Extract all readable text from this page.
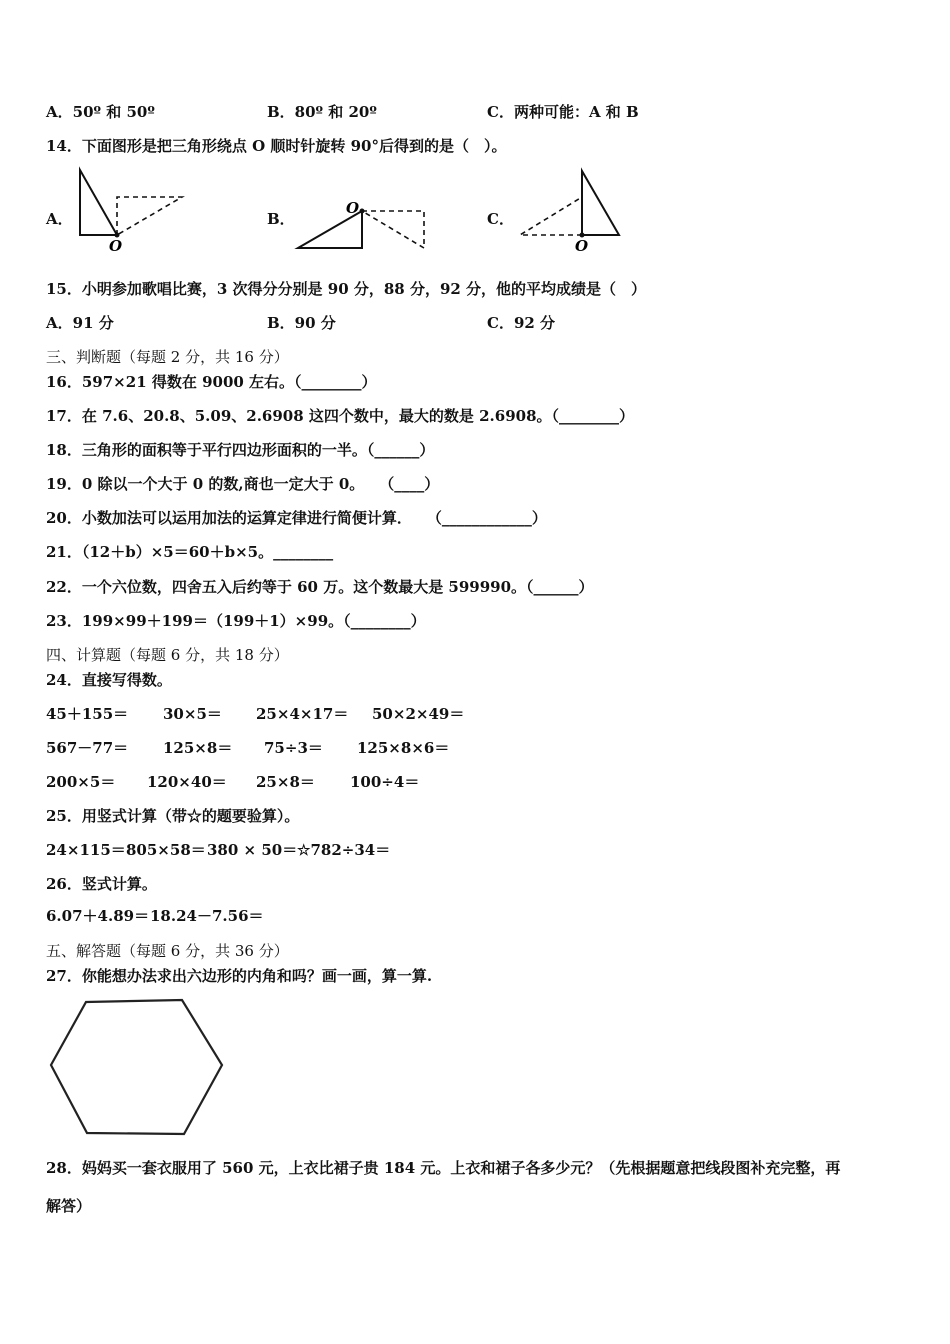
A．50º 和 50º	B．80º 和 20º	C．两种可能：A 和 B
14．下面图形是把三角形绕点 O 顺时针旋转 90°后得到的是（　）。
A．
O
B．
O
C．
O
15．小明参加歌唱比赛，3 次得分分别是 90 分，88 分，92 分，他的平均成绩是（　）
A．91 分	B．90 分	C．92 分
三、判断题（每题 2 分，共 16 分）
16．597×21 得数在 9000 左右。（________）
17．在 7.6、20.8、5.09、2.6908 这四个数中，最大的数是 2.6908。（________）
18．三角形的面积等于平行四边形面积的一半。（______）
19．0 除以一个大于 0 的数,商也一定大于 0。　　（____）
20．小数加法可以运用加法的运算定律进行简便计算．　　（____________）
21．（12＋b）×5＝60＋b×5。________
22．一个六位数，四舍五入后约等于 60 万。这个数最大是 599990。（______）
23．199×99＋199＝（199＋1）×99。（________）
四、计算题（每题 6 分，共 18 分）
24．直接写得数。
45＋155＝ 30×5＝ 25×4×17＝ 50×2×49＝
567－77＝ 125×8＝ 75÷3＝ 125×8×6＝
200×5＝ 120×40＝ 25×8＝ 100÷4＝
25．用竖式计算（带☆的题要验算）。
24×115＝ 805×58＝ 380 × 50＝ ☆782÷34＝
26．竖式计算。
6.07＋4.89＝ 18.24－7.56＝
五、解答题（每题 6 分，共 36 分）
27．你能想办法求出六边形的内角和吗？画一画，算一算.
28．妈妈买一套衣服用了 560 元，上衣比裙子贵 184 元。上衣和裙子各多少元？（先根据题意把线段图补充完整，再
解答）
